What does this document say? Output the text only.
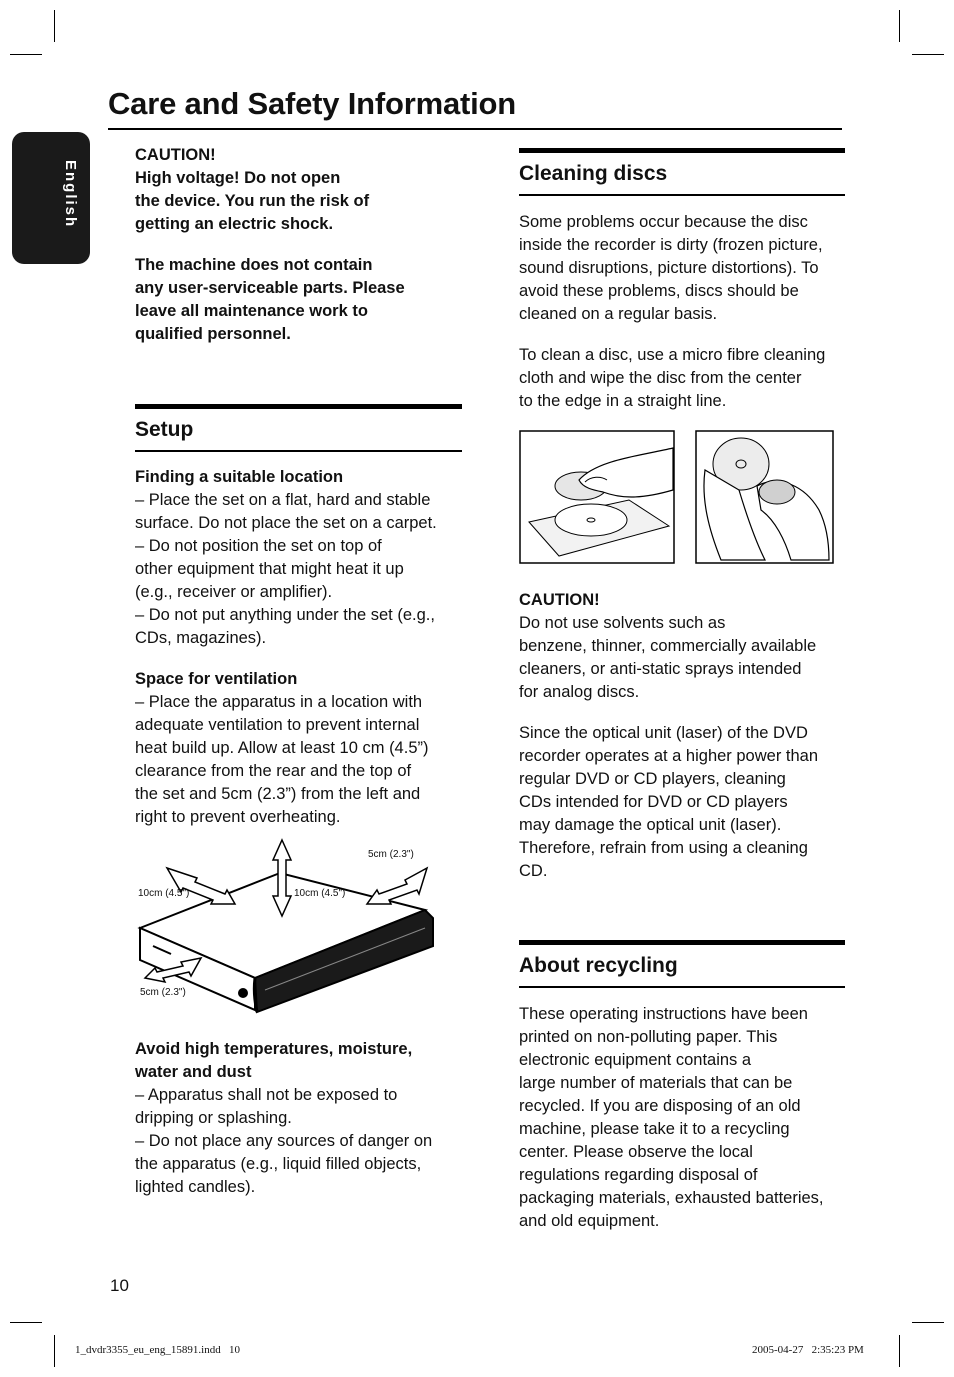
Care and Safety Information
English

CAUTION!

High voltage! Do not open

the device. You run the risk of

getting an electric shock.

The machine does not contain

any user-serviceable parts. Please

leave all maintenance work to

qualified personnel.

Setup

Finding a suitable location

– Place the set on a flat, hard and stable

surface. Do not place the set on a carpet.

– Do not position the set on top of

other equipment that might heat it up

(e.g., receiver or amplifier).

– Do not put anything under the set (e.g.,

CDs, magazines).

Space for ventilation

– Place the apparatus in a location with

adequate ventilation to prevent internal

heat build up. Allow at least 10 cm (4.5”)

clearance from the rear and the top of

the set and 5cm (2.3”) from the left and

right to prevent overheating.

5cm (2.3")
10cm (4.5")	10cm (4.5")
5cm (2.3")

Avoid high temperatures, moisture,

water and dust

– Apparatus shall not be exposed to

dripping or splashing.

– Do not place any sources of danger on

the apparatus (e.g., liquid filled objects,

lighted candles).

Cleaning discs

Some problems occur because the disc

inside the recorder is dirty (frozen picture,

sound disruptions, picture distortions). To

avoid these problems, discs should be

cleaned on a regular basis.

To clean a disc, use a micro fibre cleaning

cloth and wipe the disc from the center

to the edge in a straight line.

CAUTION!

Do not use solvents such as

benzene, thinner, commercially available

cleaners, or anti-static sprays intended

for analog discs.

Since the optical unit (laser) of the DVD

recorder operates at a higher power than

regular DVD or CD players, cleaning

CDs intended for DVD or CD players

may damage the optical unit (laser).

Therefore, refrain from using a cleaning

CD.

About recycling

These operating instructions have been

printed on non-polluting paper. This

electronic equipment contains a

large number of materials that can be

recycled. If you are disposing of an old

machine, please take it to a recycling

center. Please observe the local

regulations regarding disposal of

packaging materials, exhausted batteries,

and old equipment.

10
1_dvdr3355_eu_eng_15891.indd   10	2005-04-27   2:35:23 PM
